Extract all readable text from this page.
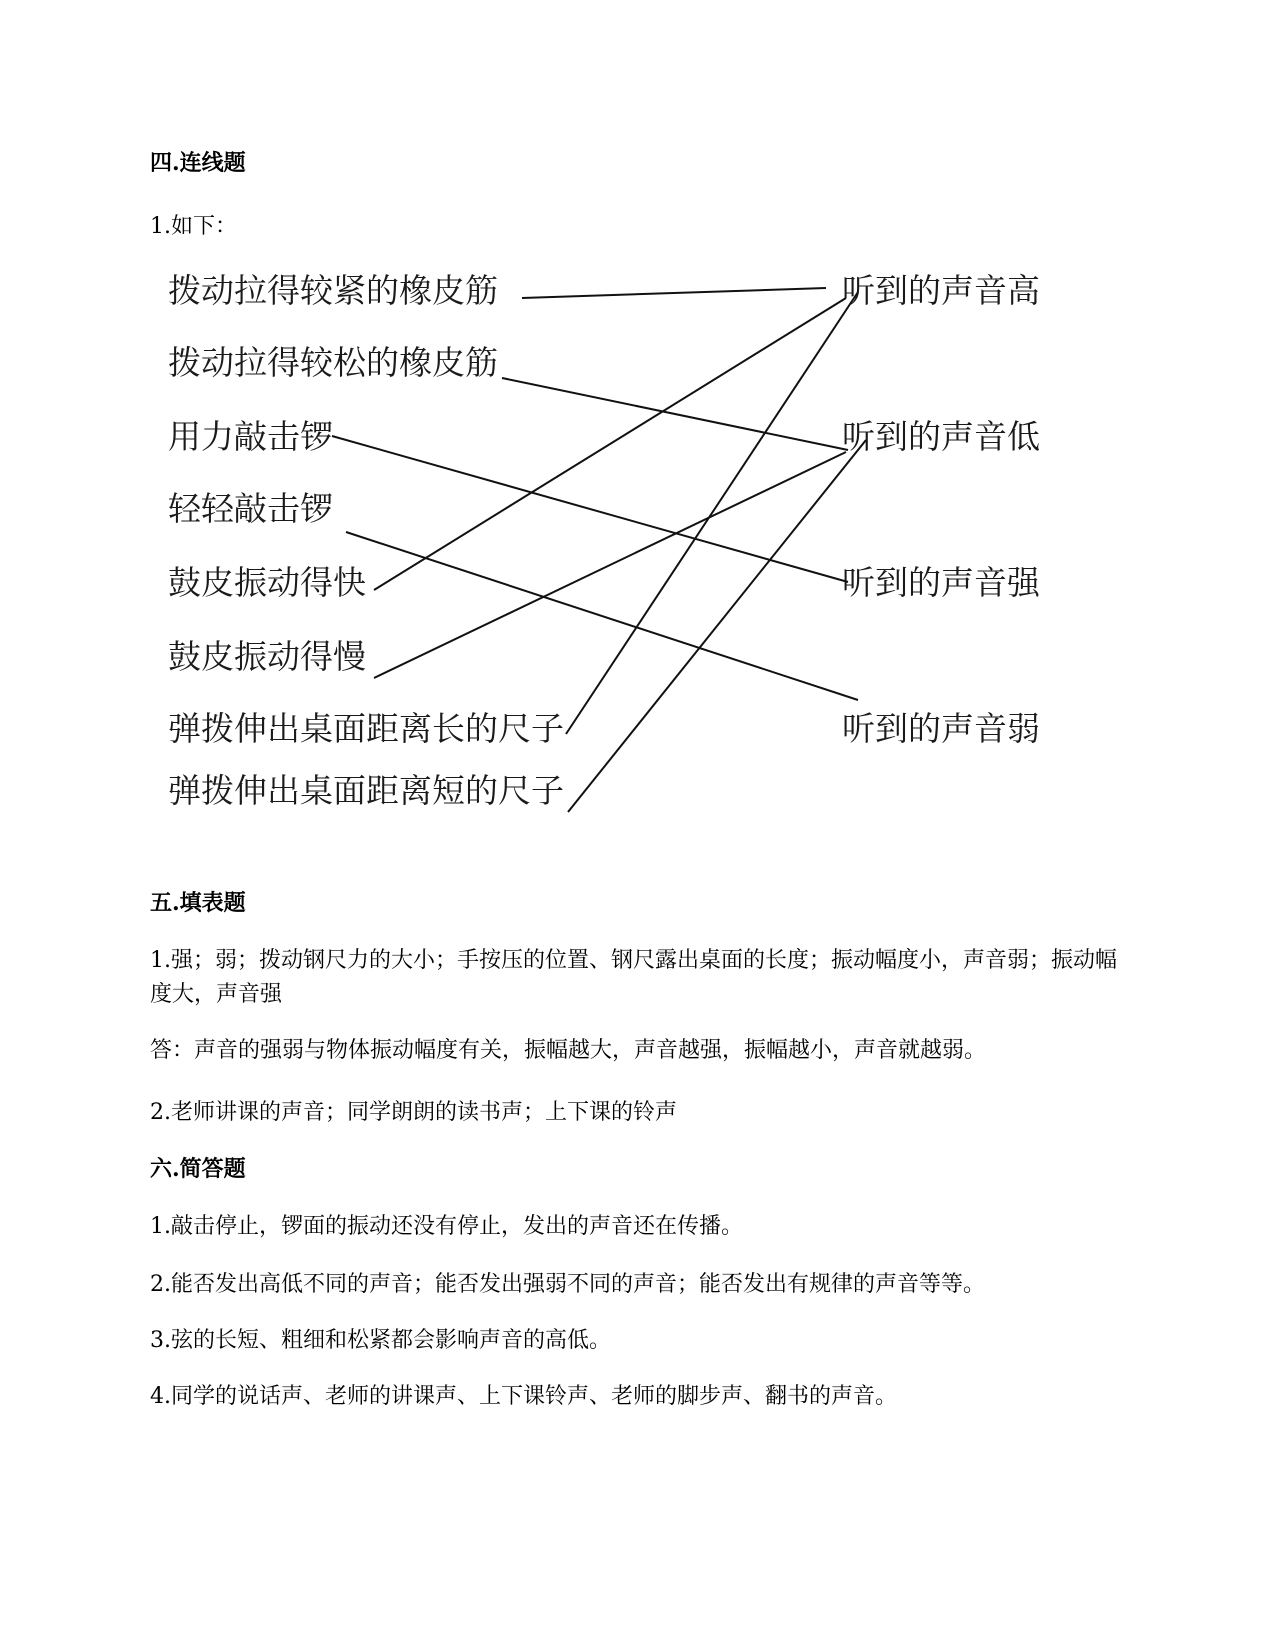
四.连线题

1.如下：

拨动拉得较紧的橡皮筋
拨动拉得较松的橡皮筋
用力敲击锣
轻轻敲击锣
鼓皮振动得快
鼓皮振动得慢
弹拨伸出桌面距离长的尺子
弹拨伸出桌面距离短的尺子
听到的声音高
听到的声音低
听到的声音强
听到的声音弱
五.填表题

1.强；弱；拨动钢尺力的大小；手按压的位置、钢尺露出桌面的长度；振动幅度小，声音弱；振动幅度大，声音强

答：声音的强弱与物体振动幅度有关，振幅越大，声音越强，振幅越小，声音就越弱。

2.老师讲课的声音；同学朗朗的读书声；上下课的铃声

六.简答题

1.敲击停止，锣面的振动还没有停止，发出的声音还在传播。

2.能否发出高低不同的声音；能否发出强弱不同的声音；能否发出有规律的声音等等。

3.弦的长短、粗细和松紧都会影响声音的高低。

4.同学的说话声、老师的讲课声、上下课铃声、老师的脚步声、翻书的声音。
